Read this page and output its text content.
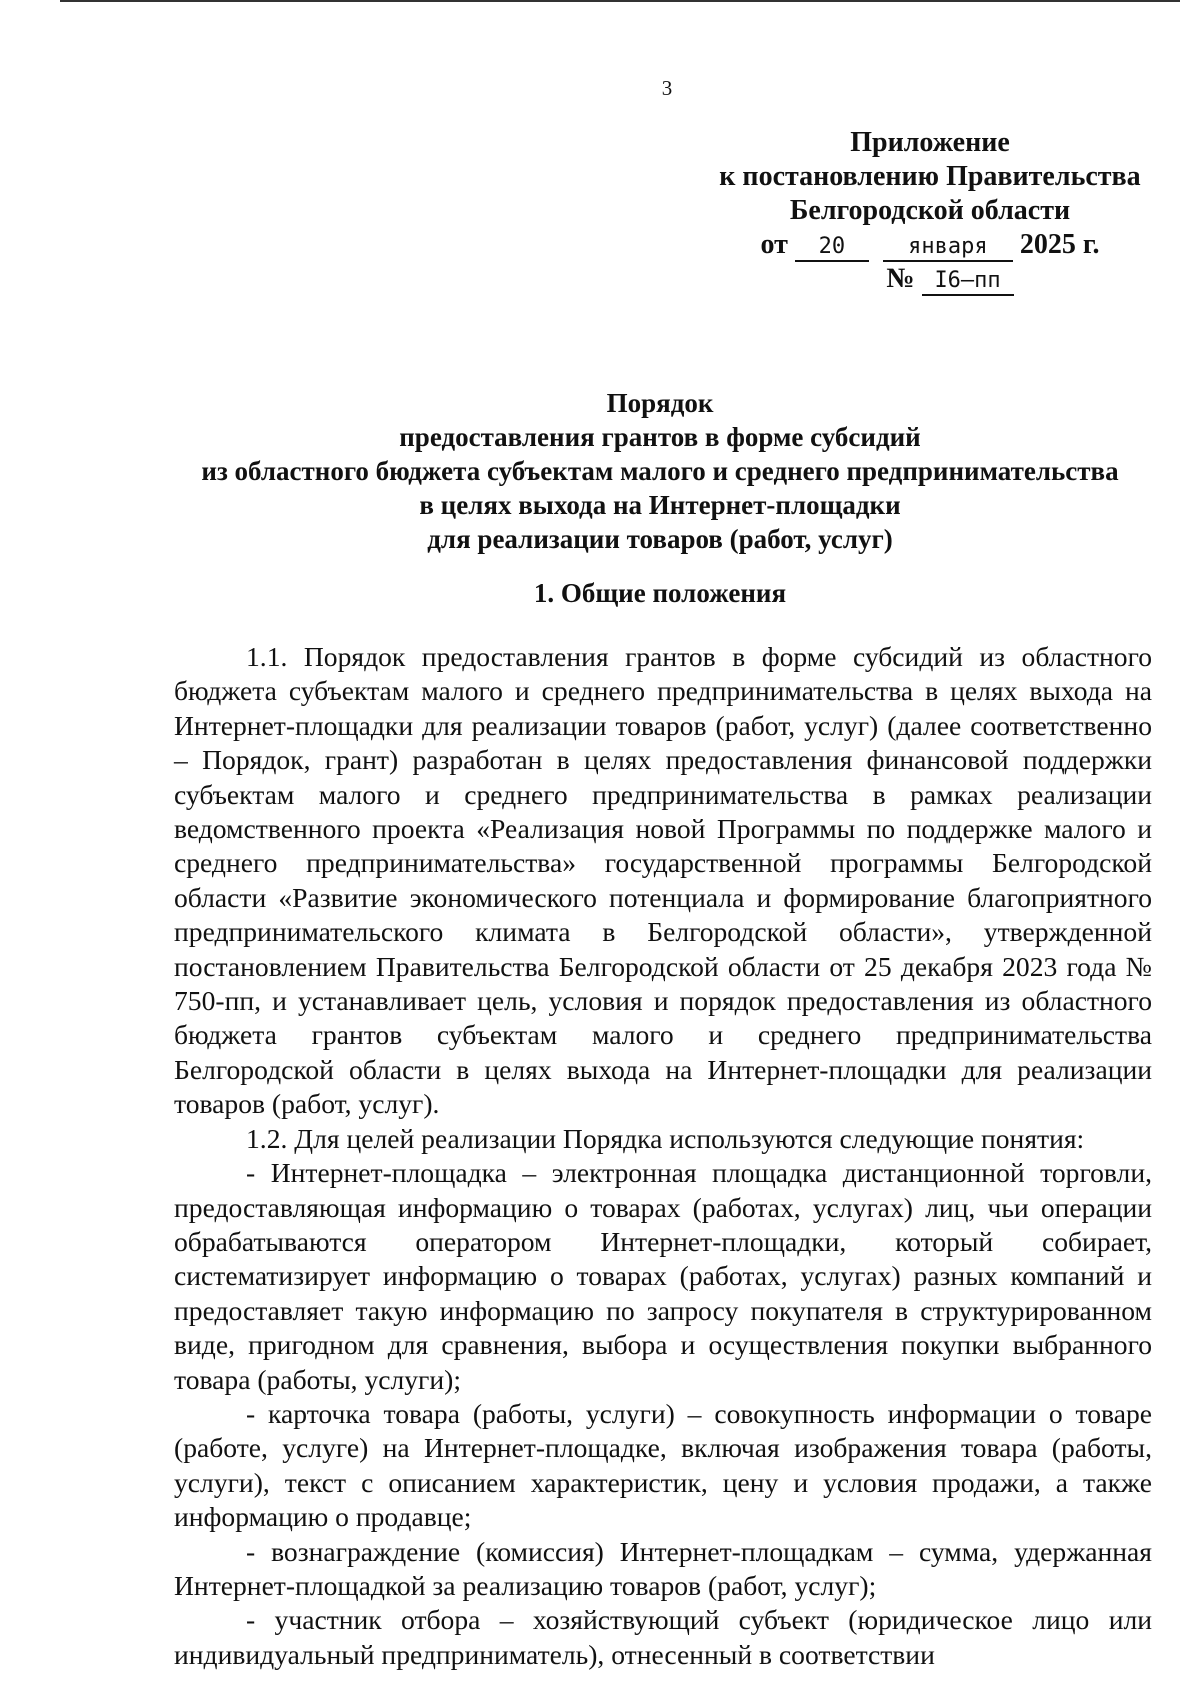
3
Приложение
к постановлению Правительства
Белгородской области
от 20	января 2025 г.
№ I6–пп
Порядок
предоставления грантов в форме субсидий
из областного бюджета субъектам малого и среднего предпринимательства
в целях выхода на Интернет-площадки
для реализации товаров (работ, услуг)
1. Общие положения

1.1. Порядок предоставления грантов в форме субсидий из областного бюджета субъектам малого и среднего предпринимательства в целях выхода на Интернет-площадки для реализации товаров (работ, услуг) (далее соответственно – Порядок, грант) разработан в целях предоставления финансовой поддержки субъектам малого и среднего предпринимательства в рамках реализации ведомственного проекта «Реализация новой Программы по поддержке малого и среднего предпринимательства» государственной программы Белгородской области «Развитие экономического потенциала и формирование благоприятного предпринимательского климата в Белгородской области», утвержденной постановлением Правительства Белгородской области от 25 декабря 2023 года № 750-пп, и устанавливает цель, условия и порядок предоставления из областного бюджета грантов субъектам малого и среднего предпринимательства Белгородской области в целях выхода на Интернет-площадки для реализации товаров (работ, услуг).

1.2. Для целей реализации Порядка используются следующие понятия:

- Интернет-площадка – электронная площадка дистанционной торговли, предоставляющая информацию о товарах (работах, услугах) лиц, чьи операции обрабатываются оператором Интернет-площадки, который собирает, систематизирует информацию о товарах (работах, услугах) разных компаний и предоставляет такую информацию по запросу покупателя в структурированном виде, пригодном для сравнения, выбора и осуществления покупки выбранного товара (работы, услуги);

- карточка товара (работы, услуги) – совокупность информации о товаре (работе, услуге) на Интернет-площадке, включая изображения товара (работы, услуги), текст с описанием характеристик, цену и условия продажи, а также информацию о продавце;

- вознаграждение (комиссия) Интернет-площадкам – сумма, удержанная Интернет-площадкой за реализацию товаров (работ, услуг);

- участник отбора – хозяйствующий субъект (юридическое лицо или индивидуальный предприниматель), отнесенный в соответствии
